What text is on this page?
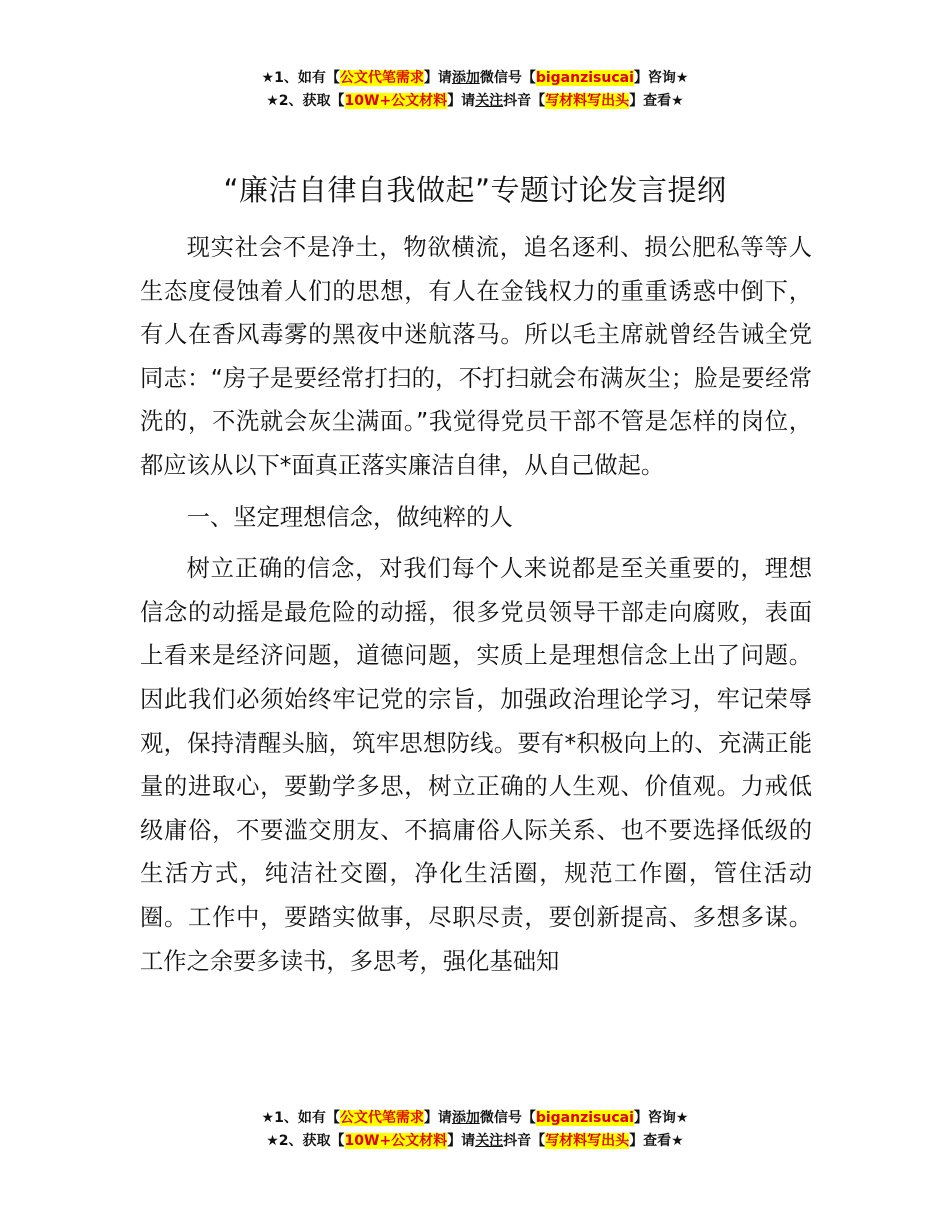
★1、如有【公文代笔需求】请添加微信号【biganzisucai】咨询★
★2、获取【10W+公文材料】请关注抖音【写材料写出头】查看★
“廉洁自律自我做起”专题讨论发言提纲

现实社会不是净土，物欲横流，追名逐利、损公肥私等等人生态度侵蚀着人们的思想，有人在金钱权力的重重诱惑中倒下，有人在香风毒雾的黑夜中迷航落马。所以毛主席就曾经告诫全党同志：“房子是要经常打扫的，不打扫就会布满灰尘；脸是要经常洗的，不洗就会灰尘满面。”我觉得党员干部不管是怎样的岗位，都应该从以下*面真正落实廉洁自律，从自己做起。

一、坚定理想信念，做纯粹的人

树立正确的信念，对我们每个人来说都是至关重要的，理想信念的动摇是最危险的动摇，很多党员领导干部走向腐败，表面上看来是经济问题，道德问题，实质上是理想信念上出了问题。因此我们必须始终牢记党的宗旨，加强政治理论学习，牢记荣辱观，保持清醒头脑，筑牢思想防线。要有*积极向上的、充满正能量的进取心，要勤学多思，树立正确的人生观、价值观。力戒低级庸俗，不要滥交朋友、不搞庸俗人际关系、也不要选择低级的生活方式，纯洁社交圈，净化生活圈，规范工作圈，管住活动圈。工作中，要踏实做事，尽职尽责，要创新提高、多想多谋。工作之余要多读书，多思考，强化基础知

★1、如有【公文代笔需求】请添加微信号【biganzisucai】咨询★
★2、获取【10W+公文材料】请关注抖音【写材料写出头】查看★
